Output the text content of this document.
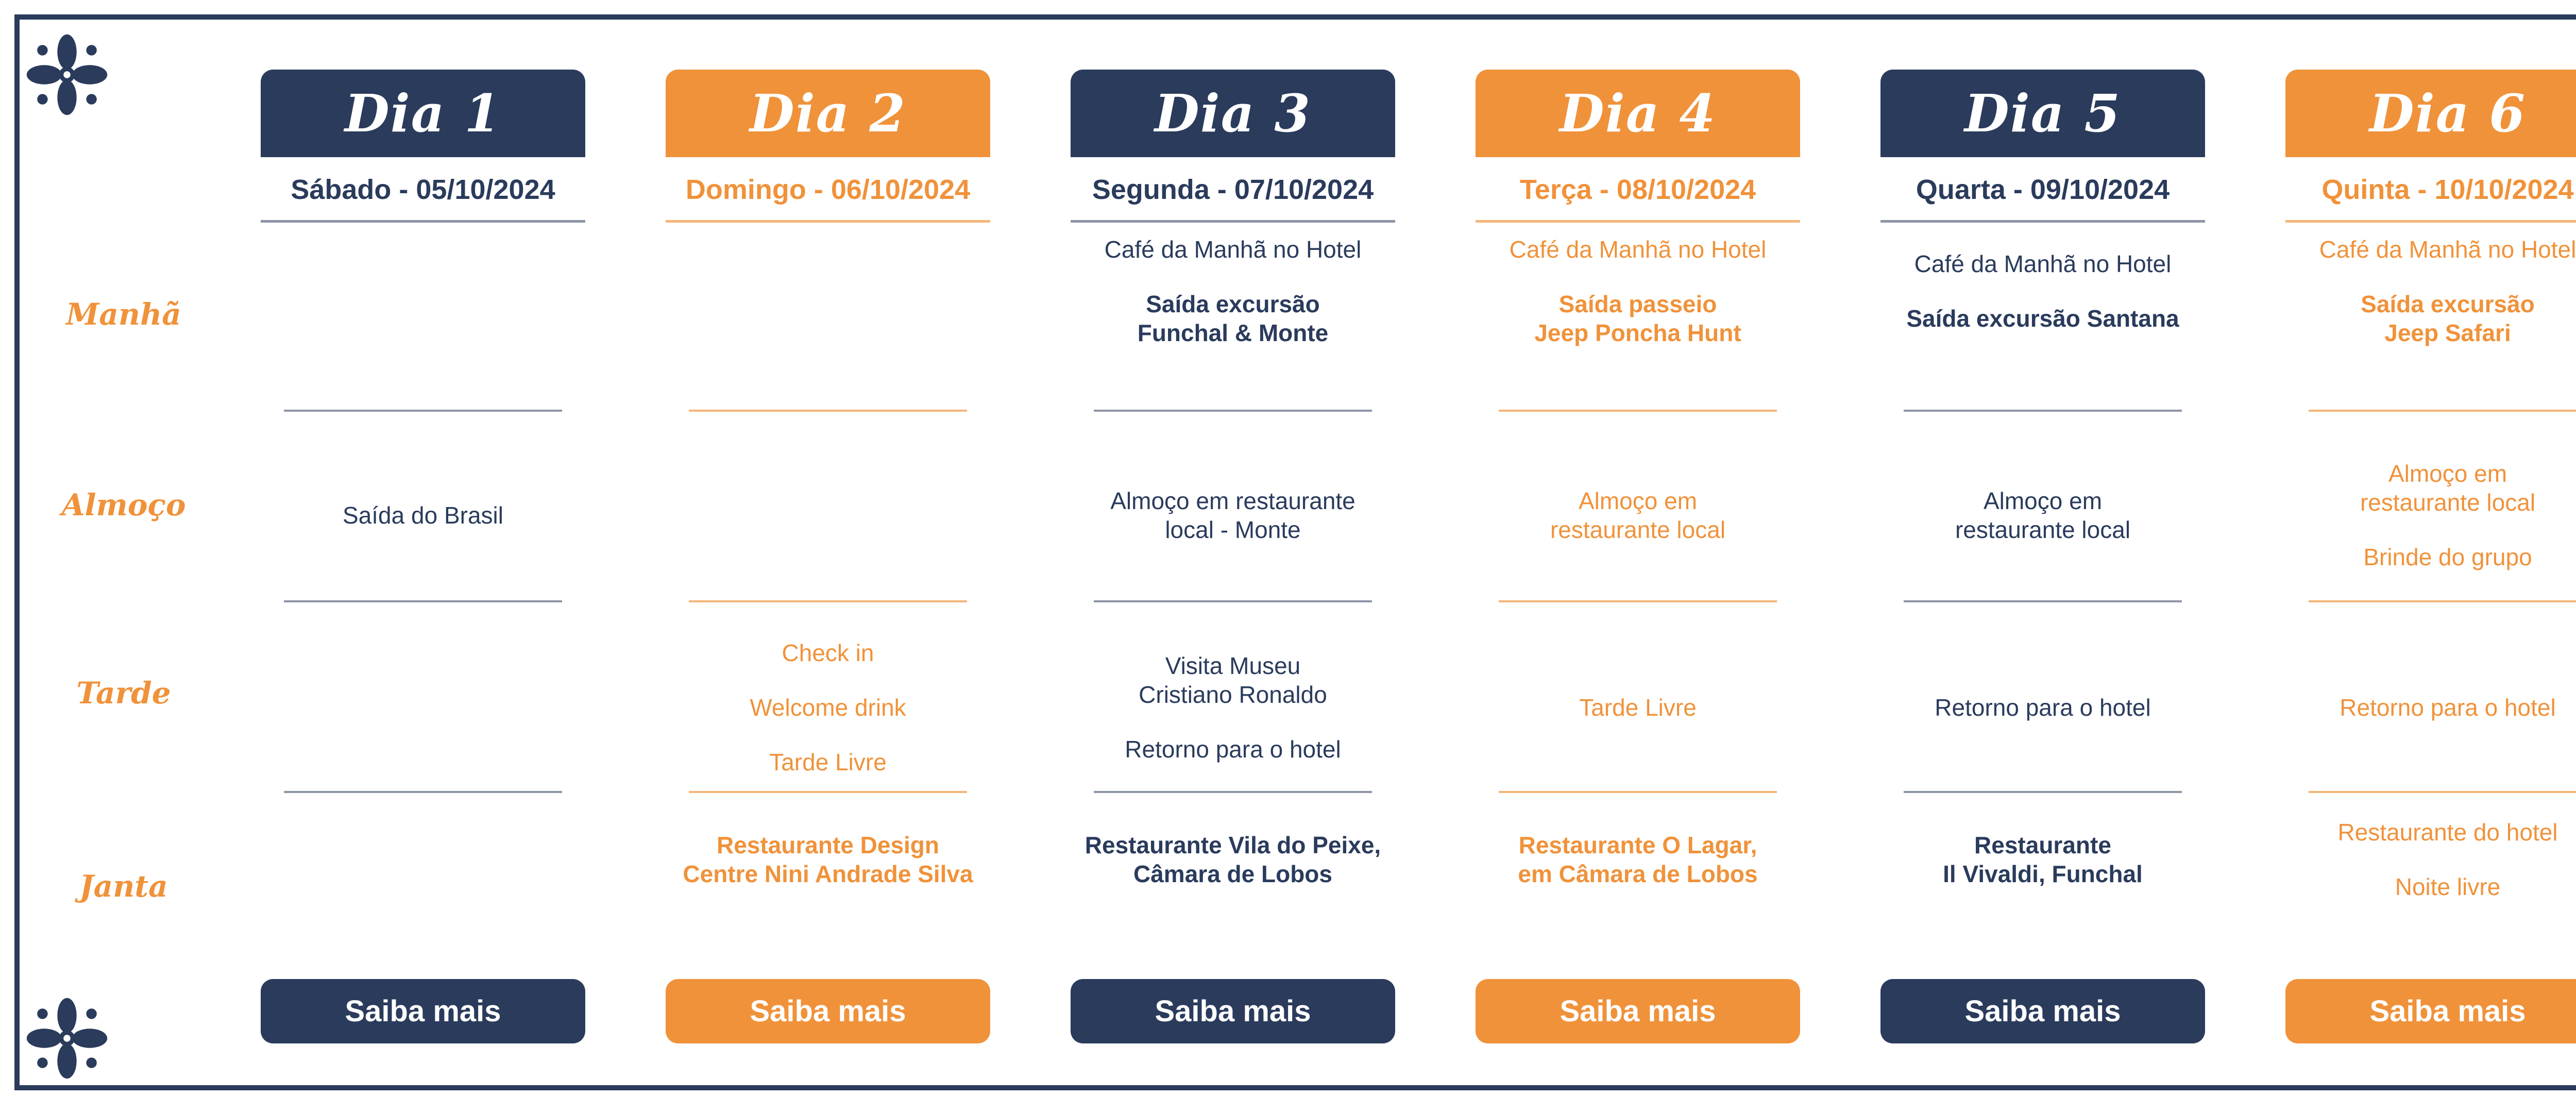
Manhã
Almoço
Tarde
Janta
Dia 1
Sábado - 05/10/2024
Saída do Brasil
Saiba mais
Dia 2
Domingo - 06/10/2024
Check in
Welcome drink
Tarde Livre
Restaurante Design
Centre Nini Andrade Silva
Saiba mais
Dia 3
Segunda - 07/10/2024
Café da Manhã no Hotel
Saída excursão
Funchal & Monte
Almoço em restaurante
local - Monte
Visita Museu
Cristiano Ronaldo
Retorno para o hotel
Restaurante Vila do Peixe,
Câmara de Lobos
Saiba mais
Dia 4
Terça - 08/10/2024
Café da Manhã no Hotel
Saída passeio
Jeep Poncha Hunt
Almoço em
restaurante local
Tarde Livre
Restaurante O Lagar,
em Câmara de Lobos
Saiba mais
Dia 5
Quarta - 09/10/2024
Café da Manhã no Hotel
Saída excursão Santana
Almoço em
restaurante local
Retorno para o hotel
Restaurante
Il Vivaldi, Funchal
Saiba mais
Dia 6
Quinta - 10/10/2024
Café da Manhã no Hotel
Saída excursão
Jeep Safari
Almoço em
restaurante local
Brinde do grupo
Retorno para o hotel
Restaurante do hotel
Noite livre
Saiba mais
